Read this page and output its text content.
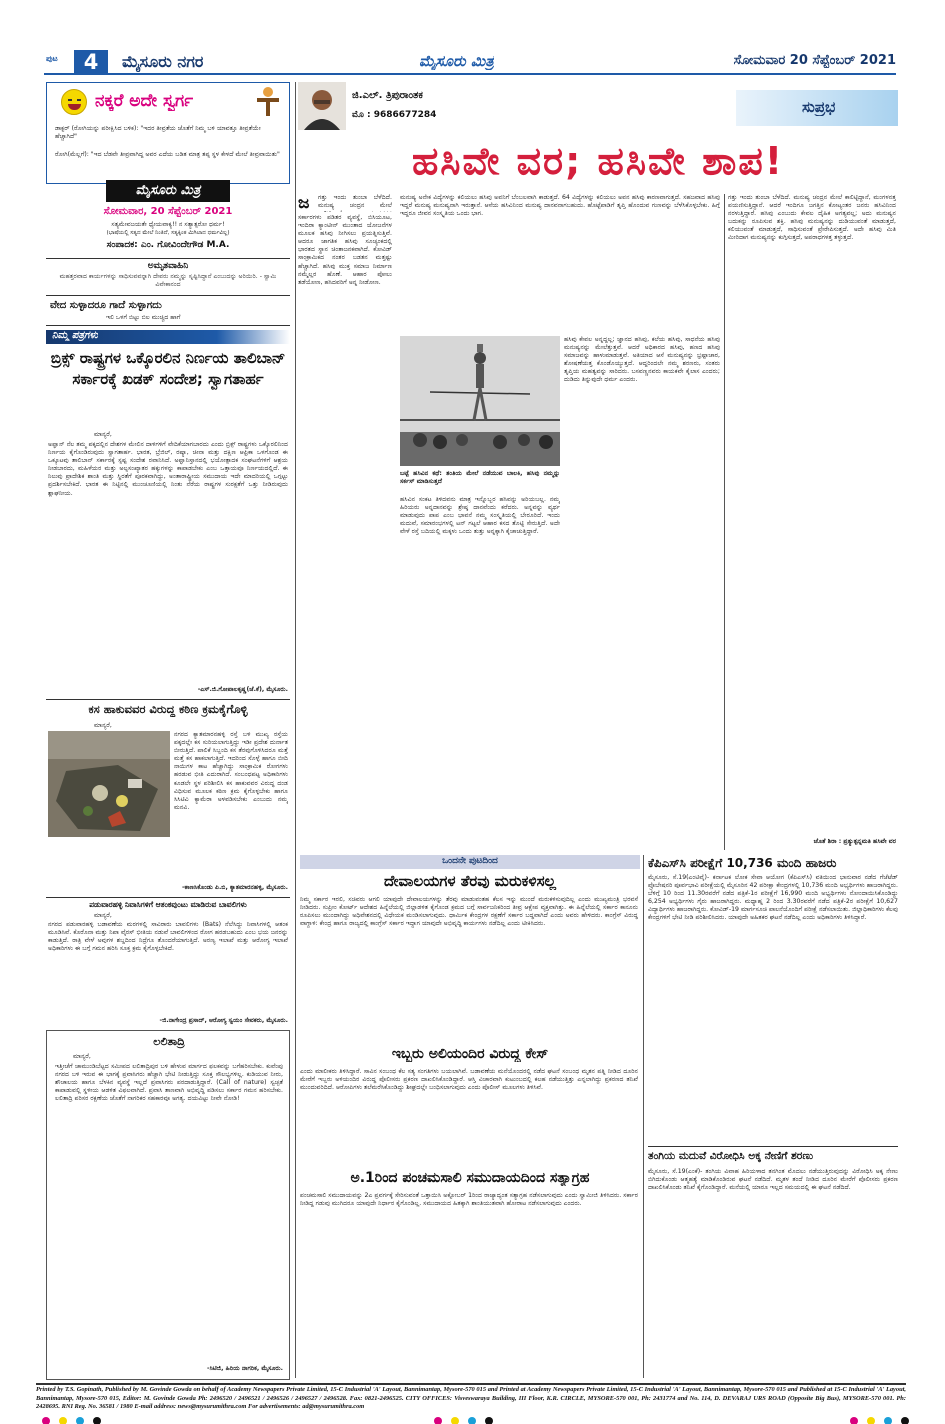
ಪುಟ	4	ಮೈಸೂರು ನಗರ	ಮೈಸೂರು ಮಿತ್ರ	ಸೋಮವಾರ 20 ಸೆಪ್ಟೆಂಬರ್ 2021
ನಕ್ಕರೆ ಅದೇ ಸ್ವರ್ಗ
ಡಾಕ್ಟರ್ (ರೋಗಿಯನ್ನು ಪರೀಕ್ಷಿಸಿದ ಬಳಿಕ): "ಇದರ ತೀವ್ರತೆಯ ಜೊತೆಗೆ ನಿಮ್ಮ ಬಳಿ ಯಾವತ್ತೂ ತೀವ್ರತೆಯೇ ಹೆಚ್ಚಾಗಿದೆ"
ರೋಗಿ(ಮೆಲ್ಲಗೆ): "ಇದ ಬೆಡವೇ ತೀವ್ರವಾಗಿದ್ದ ಅವರ ಎದೆಯ ಬಡಿತ ಮಾತ್ರ ತಪ್ಪ ಸ್ಥಳ ಕೇಳದೆ ಮೇಲೆ ತೀವ್ರವಾಯಿತು"
ಮೈಸೂರು ಮಿತ್ರ
ಸೋಮವಾರ, 20 ಸೆಪ್ಟೆಂಬರ್ 2021
ಸತ್ಯಮೇವಜಯತೇ ಧ್ಯೇಯವಾಕ್ಯ!! ನ ಸತ್ಯಾತ್ಪರೋ ಧರ್ಮ!
(ಭಾಷೆಯಲ್ಲಿ ಸತ್ಯದ ಮೇಲೆ ನಿಂತಿದೆ, ಸತ್ಯಕ್ಕಿಂತ ಮಿಗಿಲಾದ ಧರ್ಮವಿಲ್ಲ)
ಸಂಪಾದಕ: ಎಂ. ಗೋವಿಂದೇಗೌಡ M.A.
ಅಮೃತವಾಹಿನಿ
ಮಹತ್ತರವಾದ ಕಾರ್ಯಗಳನ್ನು ಸಾಧಿಸುವವನ್ನಾಗಿ ದೇವರು ನಮ್ಮನ್ನು ಸೃಷ್ಟಿಸಿದ್ದಾನೆ ಎಂಬುದನ್ನು ಅರಿಯಿರಿ. - ಸ್ವಾಮಿ ವಿವೇಕಾನಂದ
ವೇದ ಸುಳ್ಳಾದರೂ ಗಾದೆ ಸುಳ್ಳಾಗದು
ಇಲಿ ಒಳಗೆ ಬಿಟ್ಟು ಬಿಲ ಮುಚ್ಚಿದ ಹಾಗೆ
ನಿಮ್ಮ ಪತ್ರಗಳು
ಬ್ರಿಕ್ಸ್ ರಾಷ್ಟ್ರಗಳ ಒಕ್ಕೊರಲಿನ ನಿರ್ಣಯ ತಾಲಿಬಾನ್ ಸರ್ಕಾರಕ್ಕೆ ಖಡಕ್ ಸಂದೇಶ; ಸ್ವಾಗತಾರ್ಹ
ಮಾನ್ಯರೆ,
ಅಫ್ಘಾನ್ ನೆಲ ತಮ್ಮ ಪಕ್ಕದಲ್ಲಿನ ದೇಶಗಳ ಮೇಲಿನ ದಾಳಿಗಳಿಗೆ ವೇದಿಕೆಯಾಗಬಾರದು ಎಂದು ಬ್ರಿಕ್ಸ್ ರಾಷ್ಟ್ರಗಳು ಒಕ್ಕೊರಲಿನಿಂದ ನಿರ್ಣಯ ಕೈಗೊಂಡಿರುವುದು ಸ್ವಾಗತಾರ್ಹ. ಭಾರತ, ಬ್ರೆಜಿಲ್, ರಷ್ಯಾ, ಚೀನಾ ಮತ್ತು ದಕ್ಷಿಣ ಆಫ್ರಿಕಾ ಒಳಗೊಂಡ ಈ ಒಕ್ಕೂಟವು ತಾಲಿಬಾನ್ ಸರ್ಕಾರಕ್ಕೆ ಸ್ಪಷ್ಟ ಸಂದೇಶ ರವಾನಿಸಿದೆ. ಅಫ್ಘಾನಿಸ್ತಾನದಲ್ಲಿ ಭಯೋತ್ಪಾದಕ ಸಂಘಟನೆಗಳಿಗೆ ಆಶ್ರಯ ನೀಡಬಾರದು, ಮಹಿಳೆಯರ ಮತ್ತು ಅಲ್ಪಸಂಖ್ಯಾತರ ಹಕ್ಕುಗಳನ್ನು ಕಾಪಾಡಬೇಕು ಎಂಬ ಒತ್ತಾಯವೂ ನಿರ್ಣಯದಲ್ಲಿದೆ. ಈ ನಿಲುವು ಪ್ರಾದೇಶಿಕ ಶಾಂತಿ ಮತ್ತು ಸ್ಥಿರತೆಗೆ ಪೂರಕವಾಗಿದ್ದು, ಅಂತಾರಾಷ್ಟ್ರೀಯ ಸಮುದಾಯ ಇದೇ ಮಾದರಿಯಲ್ಲಿ ಒಗ್ಗಟ್ಟು ಪ್ರದರ್ಶಿಸಬೇಕಿದೆ. ಭಾರತ ಈ ನಿಟ್ಟಿನಲ್ಲಿ ಮುಂಚೂಣಿಯಲ್ಲಿ ನಿಂತು ನೆರೆಯ ರಾಷ್ಟ್ರಗಳ ಸುರಕ್ಷತೆಗೆ ಒತ್ತು ನೀಡಿರುವುದು ಶ್ಲಾಘನೀಯ.
-ಎಸ್.ಜಿ.ಗೋಪಾಲಕೃಷ್ಣ(ಜೆ.ಕೆ), ಮೈಸೂರು.
ಕಸ ಹಾಕುವವರ ವಿರುದ್ಧ ಕಠಿಣ ಕ್ರಮಕೈಗೊಳ್ಳಿ
ಮಾನ್ಯರೆ,
ನಗರದ ಕ್ಯಾತಮಾರನಹಳ್ಳಿ ರಸ್ತೆ ಬಳಿ ಮುಖ್ಯ ರಸ್ತೆಯ ಪಕ್ಕದಲ್ಲೇ ಕಸ ಸುರಿಯಲಾಗುತ್ತಿದ್ದು ಇಡೀ ಪ್ರದೇಶ ದುರ್ನಾತ ಬೀರುತ್ತಿದೆ. ಪಾಲಿಕೆ ಸಿಬ್ಬಂದಿ ಕಸ ತೆರವುಗೊಳಿಸಿದರೂ ಮತ್ತೆ ಮತ್ತೆ ಕಸ ಹಾಕಲಾಗುತ್ತಿದೆ. ಇದರಿಂದ ಸೊಳ್ಳೆ ಹಾಗೂ ಬೀದಿ ನಾಯಿಗಳ ಕಾಟ ಹೆಚ್ಚಾಗಿದ್ದು ಸಾಂಕ್ರಾಮಿಕ ರೋಗಗಳು ಹರಡುವ ಭೀತಿ ಎದುರಾಗಿದೆ. ಸಂಬಂಧಪಟ್ಟ ಅಧಿಕಾರಿಗಳು ಕೂಡಲೇ ಸ್ಥಳ ಪರಿಶೀಲಿಸಿ ಕಸ ಹಾಕುವವರ ವಿರುದ್ಧ ದಂಡ ವಿಧಿಸುವ ಮೂಲಕ ಕಠಿಣ ಕ್ರಮ ಕೈಗೊಳ್ಳಬೇಕು ಹಾಗೂ ಸಿಸಿಟಿವಿ ಕ್ಯಾಮೆರಾ ಅಳವಡಿಸಬೇಕು ಎಂಬುದು ನಮ್ಮ ಮನವಿ.
-ಕಾಣಸಿಕೊಂಡು ಪಿ.ಬಿ, ಕ್ಯಾತಮಾರನಹಳ್ಳಿ, ಮೈಸೂರು.
ಪಡುವಾರಹಳ್ಳಿ ನಿವಾಸಿಗಳಿಗೆ ಆತಂಕವುಂಟು ಮಾಡಿರುವ ಬಾವಲಿಗಳು
ಮಾನ್ಯರೆ,
ನಗರದ ಪಡುವಾರಹಳ್ಳಿ ಬಡಾವಣೆಯ ಮರಗಳಲ್ಲಿ ಸಾವಿರಾರು ಬಾವಲಿಗಳು (Bats) ನೆಲೆಸಿದ್ದು ನಿವಾಸಿಗಳಲ್ಲಿ ಆತಂಕ ಮೂಡಿಸಿವೆ. ಕೊರೊನಾ ಮತ್ತು ನಿಪಾ ವೈರಸ್ ಭೀತಿಯ ನಡುವೆ ಬಾವಲಿಗಳಿಂದ ರೋಗ ಹರಡಬಹುದು ಎಂಬ ಭಯ ಜನರನ್ನು ಕಾಡುತ್ತಿದೆ. ರಾತ್ರಿ ವೇಳೆ ಅವುಗಳ ಶಬ್ದದಿಂದ ನಿದ್ರೆಗೂ ತೊಂದರೆಯಾಗುತ್ತಿದೆ. ಅರಣ್ಯ ಇಲಾಖೆ ಮತ್ತು ಆರೋಗ್ಯ ಇಲಾಖೆ ಅಧಿಕಾರಿಗಳು ಈ ಬಗ್ಗೆ ಗಮನ ಹರಿಸಿ ಸೂಕ್ತ ಕ್ರಮ ಕೈಗೊಳ್ಳಬೇಕಿದೆ.
-ಜಿ.ನಾಗೇಂದ್ರ ಪ್ರಸಾದ್, ಆರೋಗ್ಯ ಸ್ವಯಂ ಸೇವಕರು, ಮೈಸೂರು.
ಲಲಿತಾದ್ರಿ
ಮಾನ್ಯರೆ,
ಇತ್ತೀಚೆಗೆ ಚಾಮುಂಡಿಬೆಟ್ಟದ ಸಮೀಪದ ಲಲಿತಾದ್ರಿಪುರ ಬಳಿ ಹೇಳುವ ಮಾರ್ಗದ ಫಲಕವನ್ನು ಬಗೆಹರಿಸಬೇಕು. ಕುವೆಂಪು ನಗರದ ಬಳಿ ಇರುವ ಈ ಭಾಗಕ್ಕೆ ಪ್ರವಾಸಿಗರು ಹೆಚ್ಚಾಗಿ ಭೇಟಿ ನೀಡುತ್ತಿದ್ದು ಸೂಕ್ತ ಸೌಲಭ್ಯಗಳಿಲ್ಲ. ಕುಡಿಯುವ ನೀರು, ಶೌಚಾಲಯ ಹಾಗೂ ಬೆಳಕಿನ ವ್ಯವಸ್ಥೆ ಇಲ್ಲದೆ ಪ್ರವಾಸಿಗರು ಪರದಾಡುತ್ತಿದ್ದಾರೆ. (Call of nature) ಸ್ವಚ್ಛತೆ ಕಾಪಾಡುವಲ್ಲಿ ಸ್ಥಳೀಯ ಆಡಳಿತ ವಿಫಲವಾಗಿದೆ. ಪ್ರವಾಸಿ ತಾಣವಾಗಿ ಅಭಿವೃದ್ಧಿ ಪಡಿಸಲು ಸರ್ಕಾರ ಗಮನ ಹರಿಸಬೇಕು. ಲಲಿತಾದ್ರಿ ಪರಿಸರ ರಕ್ಷಣೆಯ ಜೊತೆಗೆ ನಾಗರಿಕರ ಸಹಕಾರವೂ ಅಗತ್ಯ. ದಯವಿಟ್ಟು ನೀವೇ ನೋಡಿ!
-ಸಿಟಿಜಿ, ಹಿರಿಯ ನಾಗರಿಕ, ಮೈಸೂರು.
ಜಿ.ಎಲ್. ತ್ರಿಪುರಾಂತಕ
ಮೊ : 9686677284	ಸುಪ್ರಭ
ಹಸಿವೇ ವರ; ಹಸಿವೇ ಶಾಪ!
ಜ	ಗತ್ತು ಇಂದು ತುಂಬಾ ಬೆಳೆದಿದೆ. ಮನುಷ್ಯ ಚಂದ್ರನ ಮೇಲೆ
ಸರ್ಕಾರಗಳು ಪಡಿತರ ವ್ಯವಸ್ಥೆ, ಬಿಸಿಯೂಟ, ಇಂದಿರಾ ಕ್ಯಾಂಟೀನ್ ಮುಂತಾದ ಯೋಜನೆಗಳ ಮೂಲಕ ಹಸಿವು ನೀಗಿಸಲು ಪ್ರಯತ್ನಿಸುತ್ತಿವೆ. ಆದರೂ ಜಾಗತಿಕ ಹಸಿವು ಸೂಚ್ಯಂಕದಲ್ಲಿ ಭಾರತದ ಸ್ಥಾನ ಚಿಂತಾಜನಕವಾಗಿದೆ. ಕೋವಿಡ್ ಸಾಂಕ್ರಾಮಿಕದ ನಂತರ ಬಡತನ ಮತ್ತಷ್ಟು ಹೆಚ್ಚಾಗಿದೆ. ಹಸಿವು ಮುಕ್ತ ಸಮಾಜ ನಿರ್ಮಾಣ ನಮ್ಮೆಲ್ಲರ ಹೊಣೆ. ಆಹಾರ ಪೋಲು ತಡೆಯೋಣ, ಹಸಿದವರಿಗೆ ಅನ್ನ ನೀಡೋಣ.
ಮನುಷ್ಯ ಅನೇಕ ವಿದ್ಯೆಗಳನ್ನು ಕಲಿಯಲು ಹಸಿವು ಅವನಿಗೆ ಬೆಂಬಲವಾಗಿ ಕಾಡುತ್ತದೆ. 64 ವಿದ್ಯೆಗಳನ್ನು ಕಲಿಯಲು ಅವನ ಹಸಿವು ಕಾರಣವಾಗುತ್ತದೆ. ಸಹಜವಾದ ಹಸಿವು ಇದ್ದರೆ ಮನುಷ್ಯ ಮನುಷ್ಯನಾಗಿ ಇರುತ್ತಾನೆ. ಆಸೆಯ ಹಸಿವಿನಿಂದ ಮನುಷ್ಯ ದಾನವನಾಗಬಹುದು. ಹೊಟ್ಟೆಪಾಡಿಗೆ ತೃಪ್ತಿ ಹೊಂದುವ ಗುಣವನ್ನು ಬೆಳೆಸಿಕೊಳ್ಳಬೇಕು. ಹಿಗ್ಗೆ ಇದ್ದರೂ ಜೀವನ ಸಂಸ್ಕೃತಿಯ ಒಂದು ಭಾಗ.
ಬಟ್ಟೆ ಹಸಿವಿನ ಕಥೆ: ತಂತಿಯ ಮೇಲೆ ನಡೆಯುವ ಬಾಲಕಿ, ಹಸಿವು ನಮ್ಮನ್ನು ಸರ್ಕಸ್ ಮಾಡಿಸುತ್ತದೆ
ಹಸಿವಿನ ಸಂಕಟ ತಿಳಿದವನು ಮಾತ್ರ ಇನ್ನೊಬ್ಬರ ಹಸಿವನ್ನು ಅರಿಯಬಲ್ಲ. ನಮ್ಮ ಹಿರಿಯರು ಅನ್ನದಾನವನ್ನು ಶ್ರೇಷ್ಠ ದಾನವೆಂದು ಕರೆದರು. ಅನ್ನವನ್ನು ವ್ಯರ್ಥ ಮಾಡುವುದು ಪಾಪ ಎಂಬ ಭಾವನೆ ನಮ್ಮ ಸಂಸ್ಕೃತಿಯಲ್ಲಿ ಬೇರೂರಿದೆ. ಇಂದು ಮದುವೆ, ಸಮಾರಂಭಗಳಲ್ಲಿ ಟನ್ ಗಟ್ಟಲೆ ಆಹಾರ ಕಸದ ತೊಟ್ಟಿ ಸೇರುತ್ತಿದೆ. ಅದೇ ವೇಳೆ ರಸ್ತೆ ಬದಿಯಲ್ಲಿ ಮಕ್ಕಳು ಒಂದು ತುತ್ತು ಅನ್ನಕ್ಕಾಗಿ ಕೈಚಾಚುತ್ತಿದ್ದಾರೆ.
ಹಸಿವು ಕೇವಲ ಅನ್ನದ್ದಲ್ಲ; ಜ್ಞಾನದ ಹಸಿವು, ಕಲೆಯ ಹಸಿವು, ಸಾಧನೆಯ ಹಸಿವು ಮನುಷ್ಯನನ್ನು ಮೇಲೆತ್ತುತ್ತವೆ. ಆದರೆ ಅಧಿಕಾರದ ಹಸಿವು, ಹಣದ ಹಸಿವು ಸಮಾಜವನ್ನು ಹಾಳುಮಾಡುತ್ತವೆ. ಅತಿಯಾದ ಆಸೆ ಮನುಷ್ಯನನ್ನು ಭ್ರಷ್ಟಾಚಾರ, ಶೋಷಣೆಯತ್ತ ಕೊಂಡೊಯ್ಯುತ್ತದೆ. ಆದ್ದರಿಂದಲೇ ನಮ್ಮ ಶರಣರು, ಸಂತರು ತೃಪ್ತಿಯ ಮಹತ್ವವನ್ನು ಸಾರಿದರು. ಬಸವಣ್ಣನವರು ಕಾಯಕವೇ ಕೈಲಾಸ ಎಂದರು; ದುಡಿದು ತಿನ್ನುವುದೇ ಧರ್ಮ ಎಂದರು.
ಗತ್ತು ಇಂದು ತುಂಬಾ ಬೆಳೆದಿದೆ. ಮನುಷ್ಯ ಚಂದ್ರನ ಮೇಲೆ ಕಾಲಿಟ್ಟಿದ್ದಾನೆ, ಮಂಗಳನತ್ತ ಪಯಣಿಸುತ್ತಿದ್ದಾನೆ. ಆದರೆ ಇಂದಿಗೂ ಜಗತ್ತಿನ ಕೋಟ್ಯಂತರ ಜನರು ಹಸಿವಿನಿಂದ ನರಳುತ್ತಿದ್ದಾರೆ. ಹಸಿವು ಎಂಬುದು ಕೇವಲ ದೈಹಿಕ ಅಗತ್ಯವಲ್ಲ; ಅದು ಮನುಷ್ಯನ ಬದುಕನ್ನು ರೂಪಿಸುವ ಶಕ್ತಿ. ಹಸಿವು ಮನುಷ್ಯನನ್ನು ದುಡಿಯುವಂತೆ ಮಾಡುತ್ತದೆ, ಕಲಿಯುವಂತೆ ಮಾಡುತ್ತದೆ, ಸಾಧಿಸುವಂತೆ ಪ್ರೇರೇಪಿಸುತ್ತದೆ. ಅದೇ ಹಸಿವು ಮಿತಿ ಮೀರಿದಾಗ ಮನುಷ್ಯನನ್ನು ಕುಗ್ಗಿಸುತ್ತದೆ, ಅಪರಾಧಗಳತ್ತ ತಳ್ಳುತ್ತದೆ.
ಜೊತೆ ಶಿರಾ : ಪ್ರತ್ಯುತ್ಪನ್ನಮತಿ ಹಸಿವೇ ವರ
ಒಂದನೇ ಪುಟದಿಂದ
ದೇವಾಲಯಗಳ ತೆರವು ಮರುಕಳಿಸಲ್ಲ
ನಿಮ್ಮ ಸರ್ಕಾರ ಇರಲಿ, ಸಚಿವರು ಆಗಲಿ ಯಾವುದೇ ದೇವಾಲಯಗಳನ್ನು ತೆರವು ಮಾಡುವಂತಹ ಕೆಲಸ ಇನ್ನು ಮುಂದೆ ಮರುಕಳಿಸುವುದಿಲ್ಲ ಎಂದು ಮುಖ್ಯಮಂತ್ರಿ ಭರವಸೆ ನೀಡಿದರು. ಸುಪ್ರೀಂ ಕೋರ್ಟ್ ಆದೇಶದ ಹಿನ್ನೆಲೆಯಲ್ಲಿ ಜಿಲ್ಲಾಡಳಿತ ಕೈಗೊಂಡ ಕ್ರಮದ ಬಗ್ಗೆ ಸಾರ್ವಜನಿಕರಿಂದ ತೀವ್ರ ಆಕ್ಷೇಪ ವ್ಯಕ್ತವಾಗಿತ್ತು. ಈ ಹಿನ್ನೆಲೆಯಲ್ಲಿ ಸರ್ಕಾರ ಕಾನೂನು ರೂಪಿಸಲು ಮುಂದಾಗಿದ್ದು ಅಧಿವೇಶನದಲ್ಲಿ ವಿಧೇಯಕ ಮಂಡಿಸಲಾಗುವುದು. ಧಾರ್ಮಿಕ ಕೇಂದ್ರಗಳ ರಕ್ಷಣೆಗೆ ಸರ್ಕಾರ ಬದ್ಧವಾಗಿದೆ ಎಂದು ಅವರು ಹೇಳಿದರು. ಕಾಂಗ್ರೆಸ್ ವಿರುದ್ಧ ವಾಗ್ದಾಳಿ: ಕೇಂದ್ರ ಹಾಗೂ ರಾಜ್ಯದಲ್ಲಿ ಕಾಂಗ್ರೆಸ್ ಸರ್ಕಾರ ಇದ್ದಾಗ ಯಾವುದೇ ಅಭಿವೃದ್ಧಿ ಕಾರ್ಯಗಳು ನಡೆದಿಲ್ಲ ಎಂದು ಟೀಕಿಸಿದರು.
ಇಬ್ಬರು ಅಲಿಯಂದಿರ ವಿರುದ್ಧ ಕೇಸ್
ಎಂದು ಮಾಲೀಕರು ತಿಳಿಸಿದ್ದಾರೆ. ಸಾವಿನ ಸಂಬಂಧ ಕೆಲ ಸತ್ಯ ಸಂಗತಿಗಳು ಬಯಲಾಗಿವೆ. ಬಡಾವಣೆಯ ಮನೆಯೊಂದರಲ್ಲಿ ನಡೆದ ಘಟನೆ ಸಂಬಂಧ ಮೃತನ ಪತ್ನಿ ನೀಡಿದ ದೂರಿನ ಮೇರೆಗೆ ಇಬ್ಬರು ಅಳಿಯಂದಿರ ವಿರುದ್ಧ ಪೊಲೀಸರು ಪ್ರಕರಣ ದಾಖಲಿಸಿಕೊಂಡಿದ್ದಾರೆ. ಆಸ್ತಿ ವಿಚಾರವಾಗಿ ಕುಟುಂಬದಲ್ಲಿ ಕಲಹ ನಡೆಯುತ್ತಿತ್ತು ಎನ್ನಲಾಗಿದ್ದು ಪ್ರಕರಣದ ತನಿಖೆ ಮುಂದುವರಿದಿದೆ. ಆರೋಪಿಗಳು ತಲೆಮರೆಸಿಕೊಂಡಿದ್ದು ಶೀಘ್ರದಲ್ಲೇ ಬಂಧಿಸಲಾಗುವುದು ಎಂದು ಪೊಲೀಸ್ ಮೂಲಗಳು ತಿಳಿಸಿವೆ.
ಅ.1ರಿಂದ ಪಂಚಮಸಾಲಿ ಸಮುದಾಯದಿಂದ ಸತ್ಯಾಗ್ರಹ
ಪಂಚಮಸಾಲಿ ಸಮುದಾಯವನ್ನು 2ಎ ಪ್ರವರ್ಗಕ್ಕೆ ಸೇರಿಸುವಂತೆ ಒತ್ತಾಯಿಸಿ ಅಕ್ಟೋಬರ್ 1ರಿಂದ ರಾಜ್ಯಾದ್ಯಂತ ಸತ್ಯಾಗ್ರಹ ನಡೆಸಲಾಗುವುದು ಎಂದು ಸ್ವಾಮೀಜಿ ತಿಳಿಸಿದರು. ಸರ್ಕಾರ ನೀಡಿದ್ದ ಗಡುವು ಮುಗಿದರೂ ಯಾವುದೇ ನಿರ್ಧಾರ ಕೈಗೊಂಡಿಲ್ಲ. ಸಮುದಾಯದ ಹಿತಕ್ಕಾಗಿ ಶಾಂತಿಯುತವಾಗಿ ಹೋರಾಟ ನಡೆಸಲಾಗುವುದು ಎಂದರು.
ಕೆಪಿಎಸ್‌ಸಿ ಪರೀಕ್ಷೆಗೆ 10,736 ಮಂದಿ ಹಾಜರು
ಮೈಸೂರು, ಸೆ.19(ಎಂಟಿವೈ)- ಕರ್ನಾಟಕ ಲೋಕ ಸೇವಾ ಆಯೋಗ (ಕೆಪಿಎಸ್‌ಸಿ) ವತಿಯಿಂದ ಭಾನುವಾರ ನಡೆದ ಗೆಜೆಟೆಡ್ ಪ್ರೊಬೇಷನರಿ ಪೂರ್ವಭಾವಿ ಪರೀಕ್ಷೆಯಲ್ಲಿ ಮೈಸೂರಿನ 42 ಪರೀಕ್ಷಾ ಕೇಂದ್ರಗಳಲ್ಲಿ 10,736 ಮಂದಿ ಅಭ್ಯರ್ಥಿಗಳು ಹಾಜರಾಗಿದ್ದರು. ಬೆಳಿಗ್ಗೆ 10 ರಿಂದ 11.30ರವರೆಗೆ ನಡೆದ ಪತ್ರಿಕೆ-1ರ ಪರೀಕ್ಷೆಗೆ 16,990 ಮಂದಿ ಅಭ್ಯರ್ಥಿಗಳು ನೋಂದಾಯಿಸಿಕೊಂಡಿದ್ದು 6,254 ಅಭ್ಯರ್ಥಿಗಳು ಗೈರು ಹಾಜರಾಗಿದ್ದರು. ಮಧ್ಯಾಹ್ನ 2 ರಿಂದ 3.30ರವರೆಗೆ ನಡೆದ ಪತ್ರಿಕೆ-2ರ ಪರೀಕ್ಷೆಗೆ 10,627 ವಿದ್ಯಾರ್ಥಿಗಳು ಹಾಜರಾಗಿದ್ದರು. ಕೋವಿಡ್-19 ಮಾರ್ಗಸೂಚಿ ಪಾಲನೆಯೊಂದಿಗೆ ಪರೀಕ್ಷೆ ನಡೆಸಲಾಯಿತು. ಜಿಲ್ಲಾಧಿಕಾರಿಗಳು ಕೆಲವು ಕೇಂದ್ರಗಳಿಗೆ ಭೇಟಿ ನೀಡಿ ಪರಿಶೀಲಿಸಿದರು. ಯಾವುದೇ ಅಹಿತಕರ ಘಟನೆ ನಡೆದಿಲ್ಲ ಎಂದು ಅಧಿಕಾರಿಗಳು ತಿಳಿಸಿದ್ದಾರೆ.
ತಂಗಿಯ ಮದುವೆ ವಿರೋಧಿಸಿ ಅಕ್ಕ ನೇಣಿಗೆ ಶರಣು
ಮೈಸೂರು, ಸೆ.19(ಎಂಕೆ)- ತಂಗಿಯ ವಿವಾಹ ಹಿರಿಯಳಾದ ತನಗಿಂತ ಮೊದಲು ನಡೆಯುತ್ತಿರುವುದನ್ನು ವಿರೋಧಿಸಿ ಅಕ್ಕ ನೇಣು ಬಿಗಿದುಕೊಂಡು ಆತ್ಮಹತ್ಯೆ ಮಾಡಿಕೊಂಡಿರುವ ಘಟನೆ ನಡೆದಿದೆ. ಮೃತಳ ತಂದೆ ನೀಡಿದ ದೂರಿನ ಮೇರೆಗೆ ಪೊಲೀಸರು ಪ್ರಕರಣ ದಾಖಲಿಸಿಕೊಂಡು ತನಿಖೆ ಕೈಗೊಂಡಿದ್ದಾರೆ. ಮನೆಯಲ್ಲಿ ಯಾರೂ ಇಲ್ಲದ ಸಮಯದಲ್ಲಿ ಈ ಘಟನೆ ನಡೆದಿದೆ.
Printed by T.S. Gopinath, Published by M. Govinde Gowda on behalf of Academy Newspapers Private Limited, 15-C Industrial 'A' Layout, Bannimantap, Mysore-570 015 and Printed at Academy Newspapers Private Limited, 15-C Industrial 'A' Layout, Bannimantap, Mysore-570 015 and Published at 15-C Industrial 'A' Layout, Bannimantap, Mysore-570 015, Editor: M. Govinde Gowda Ph: 2496520 / 2496521 / 2496526 / 2496527 / 2496528. Fax: 0821-2496525. CITY OFFICES: Visveswaraya Building, III Floor, K.R. CIRCLE, MYSORE-570 001, Ph: 2431774 and No. 114, D. DEVARAJ URS ROAD (Opposite Big Bus), MYSORE-570 001. Ph: 2428695. RNI Reg. No. 36581 / 1980 E-mail address: news@mysurumithra.com For advertisements: ad@mysurumithra.com
